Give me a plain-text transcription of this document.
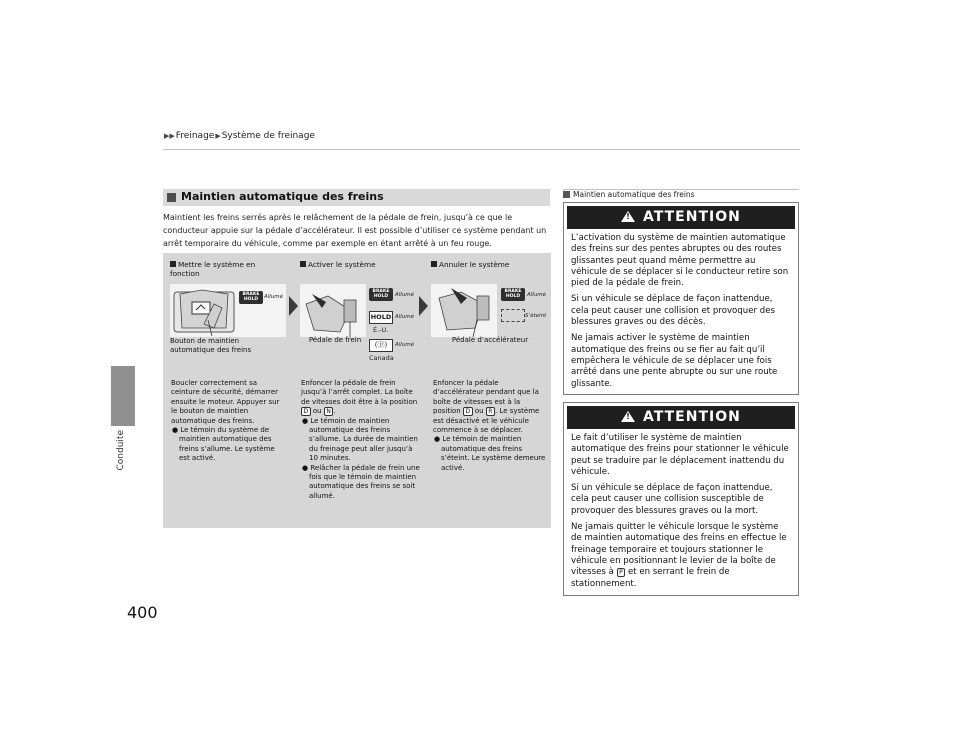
▶▶Freinage▶Système de freinage
Conduite
400
Maintien automatique des freins
Maintient les freins serrés après le relâchement de la pédale de frein, jusqu’à ce que le conducteur appuie sur la pédale d’accélérateur. Il est possible d’utiliser ce système pendant un arrêt temporaire du véhicule, comme par exemple en étant arrêté à un feu rouge.
Mettre le système en fonction
BRAKE HOLD	Allumé
Bouton de maintien automatique des freins
Boucler correctement sa ceinture de sécurité, démarrer ensuite le moteur. Appuyer sur le bouton de maintien automatique des freins.
● Le témoin du système de maintien automatique des freins s’allume. Le système est activé.
Activer le système
BRAKE HOLD	Allumé
HOLD Allumé
É.-U.
(ⓟ)	Allumé
Canada
Pédale de frein
Enfoncer la pédale de frein jusqu’à l’arrêt complet. La boîte de vitesses doit être à la position D ou N .
● Le témoin de maintien automatique des freins s’allume. La durée de maintien du freinage peut aller jusqu’à 10 minutes.
● Relâcher la pédale de frein une fois que le témoin de maintien automatique des freins se soit allumé.
Annuler le système
BRAKE HOLD	Allumé
S’éteint
Pédale d’accélérateur
Enfoncer la pédale d’accélérateur pendant que la boîte de vitesses est à la position D ou R . Le système est désactivé et le véhicule commence à se déplacer.
● Le témoin de maintien automatique des freins s’éteint. Le système demeure activé.
Maintien automatique des freins
! ATTENTION

L’activation du système de maintien automatique des freins sur des pentes abruptes ou des routes glissantes peut quand même permettre au véhicule de se déplacer si le conducteur retire son pied de la pédale de frein.

Si un véhicule se déplace de façon inattendue, cela peut causer une collision et provoquer des blessures graves ou des décès.

Ne jamais activer le système de maintien automatique des freins ou se fier au fait qu’il empêchera le véhicule de se déplacer une fois arrêté dans une pente abrupte ou sur une route glissante.

! ATTENTION

Le fait d’utiliser le système de maintien automatique des freins pour stationner le véhicule peut se traduire par le déplacement inattendu du véhicule.

Si un véhicule se déplace de façon inattendue, cela peut causer une collision susceptible de provoquer des blessures graves ou la mort.

Ne jamais quitter le véhicule lorsque le système de maintien automatique des freins en effectue le freinage temporaire et toujours stationner le véhicule en positionnant le levier de la boîte de vitesses à P et en serrant le frein de stationnement.
